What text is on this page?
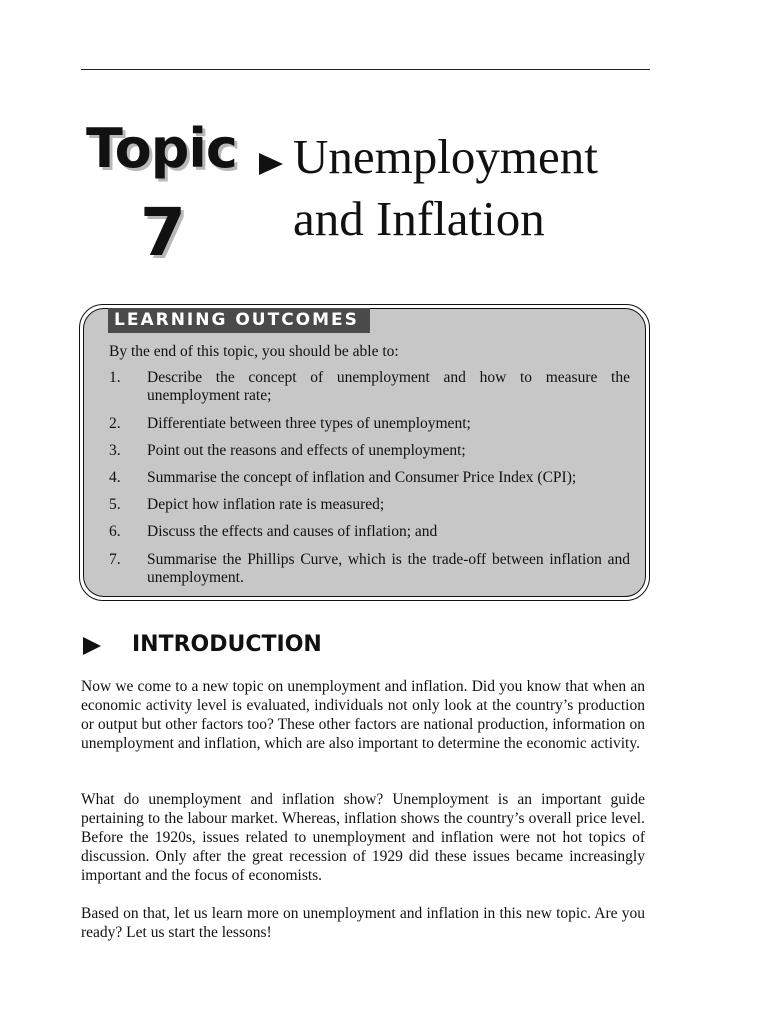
Topic
7
Unemployment
and Inflation
LEARNING OUTCOMES
By the end of this topic, you should be able to:
1.	Describe the concept of unemployment and how to measure the unemployment rate;
2.	Differentiate between three types of unemployment;
3.	Point out the reasons and effects of unemployment;
4.	Summarise the concept of inflation and Consumer Price Index (CPI);
5.	Depict how inflation rate is measured;
6.	Discuss the effects and causes of inflation; and
7.	Summarise the Phillips Curve, which is the trade-off between inflation and unemployment.
INTRODUCTION

Now we come to a new topic on unemployment and inflation. Did you know that when an economic activity level is evaluated, individuals not only look at the country’s production or output but other factors too? These other factors are national production, information on unemployment and inflation, which are also important to determine the economic activity.

What do unemployment and inflation show? Unemployment is an important guide pertaining to the labour market. Whereas, inflation shows the country’s overall price level. Before the 1920s, issues related to unemployment and inflation were not hot topics of discussion. Only after the great recession of 1929 did these issues became increasingly important and the focus of economists.

Based on that, let us learn more on unemployment and inflation in this new topic. Are you ready? Let us start the lessons!
